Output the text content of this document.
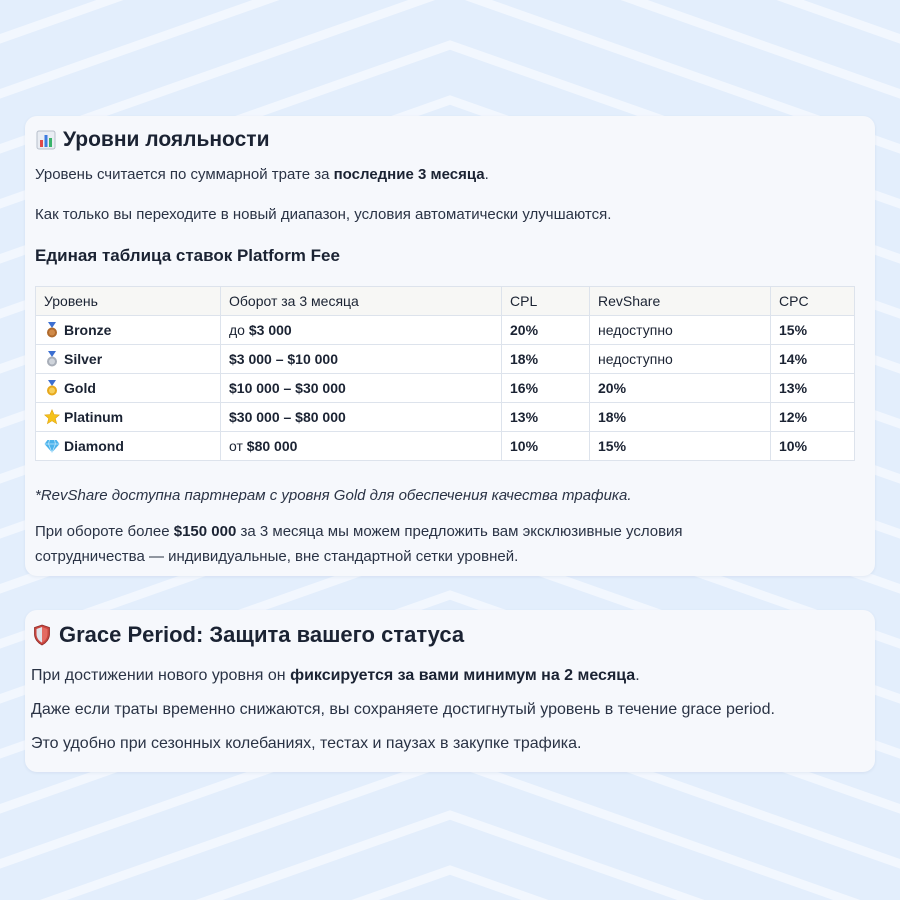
Уровни лояльности

Уровень считается по суммарной трате за последние 3 месяца.

Как только вы переходите в новый диапазон, условия автоматически улучшаются.

Единая таблица ставок Platform Fee
Уровень	Оборот за 3 месяца	CPL	RevShare	CPC

Bronze	до $3 000	20%	недоступно	15%

Silver	$3 000 – $10 000	18%	недоступно	14%

Gold	$10 000 – $30 000	16%	20%	13%

Platinum	$30 000 – $80 000	13%	18%	12%

Diamond	от $80 000	10%	15%	10%

*RevShare доступна партнерам с уровня Gold для обеспечения качества трафика.

При обороте более $150 000 за 3 месяца мы можем предложить вам эксклюзивные условия
сотрудничества — индивидуальные, вне стандартной сетки уровней.

Grace Period: Защита вашего статуса

При достижении нового уровня он фиксируется за вами минимум на 2 месяца.

Даже если траты временно снижаются, вы сохраняете достигнутый уровень в течение grace period.

Это удобно при сезонных колебаниях, тестах и паузах в закупке трафика.
